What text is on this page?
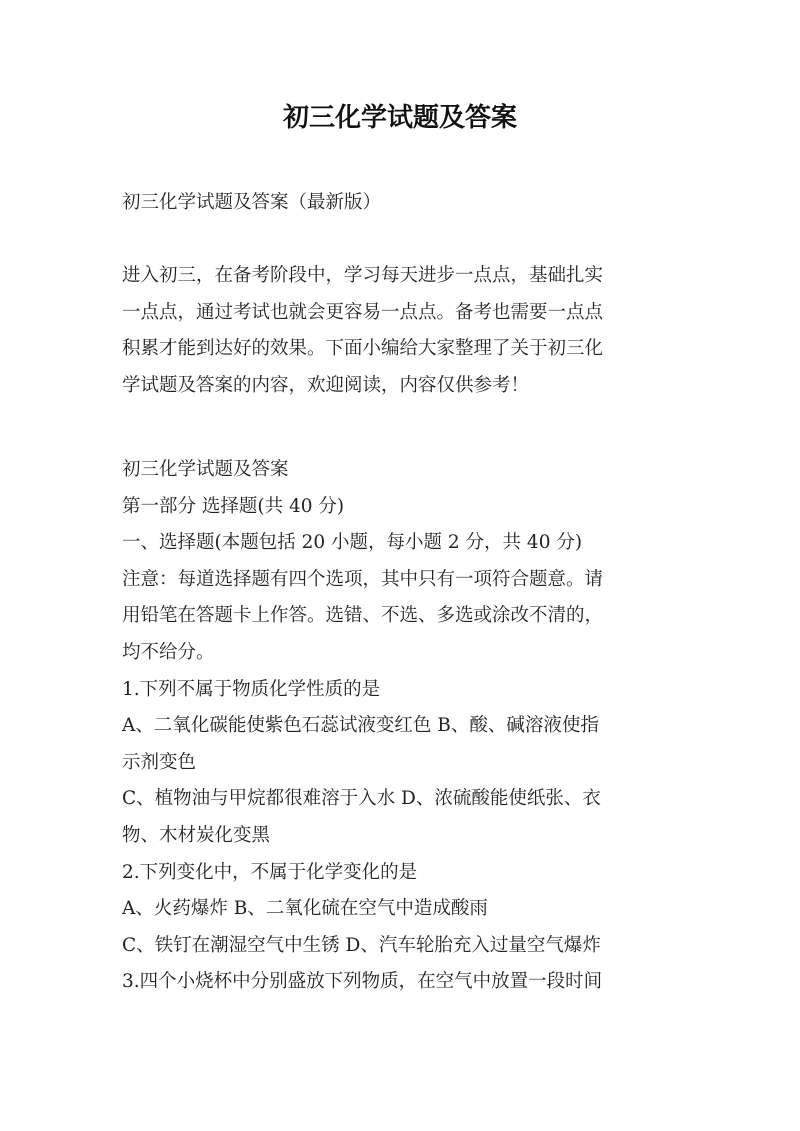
初三化学试题及答案

初三化学试题及答案（最新版）

进入初三，在备考阶段中，学习每天进步一点点，基础扎实
一点点，通过考试也就会更容易一点点。备考也需要一点点
积累才能到达好的效果。下面小编给大家整理了关于初三化
学试题及答案的内容，欢迎阅读，内容仅供参考！
初三化学试题及答案
第一部分 选择题(共 40 分)
一、选择题(本题包括 20 小题，每小题 2 分，共 40 分)
注意：每道选择题有四个选项，其中只有一项符合题意。请
用铅笔在答题卡上作答。选错、不选、多选或涂改不清的，
均不给分。
1.下列不属于物质化学性质的是
A、二氧化碳能使紫色石蕊试液变红色 B、酸、碱溶液使指
示剂变色
C、植物油与甲烷都很难溶于入水 D、浓硫酸能使纸张、衣
物、木材炭化变黑
2.下列变化中，不属于化学变化的是
A、火药爆炸 B、二氧化硫在空气中造成酸雨
C、铁钉在潮湿空气中生锈 D、汽车轮胎充入过量空气爆炸
3.四个小烧杯中分别盛放下列物质，在空气中放置一段时间
